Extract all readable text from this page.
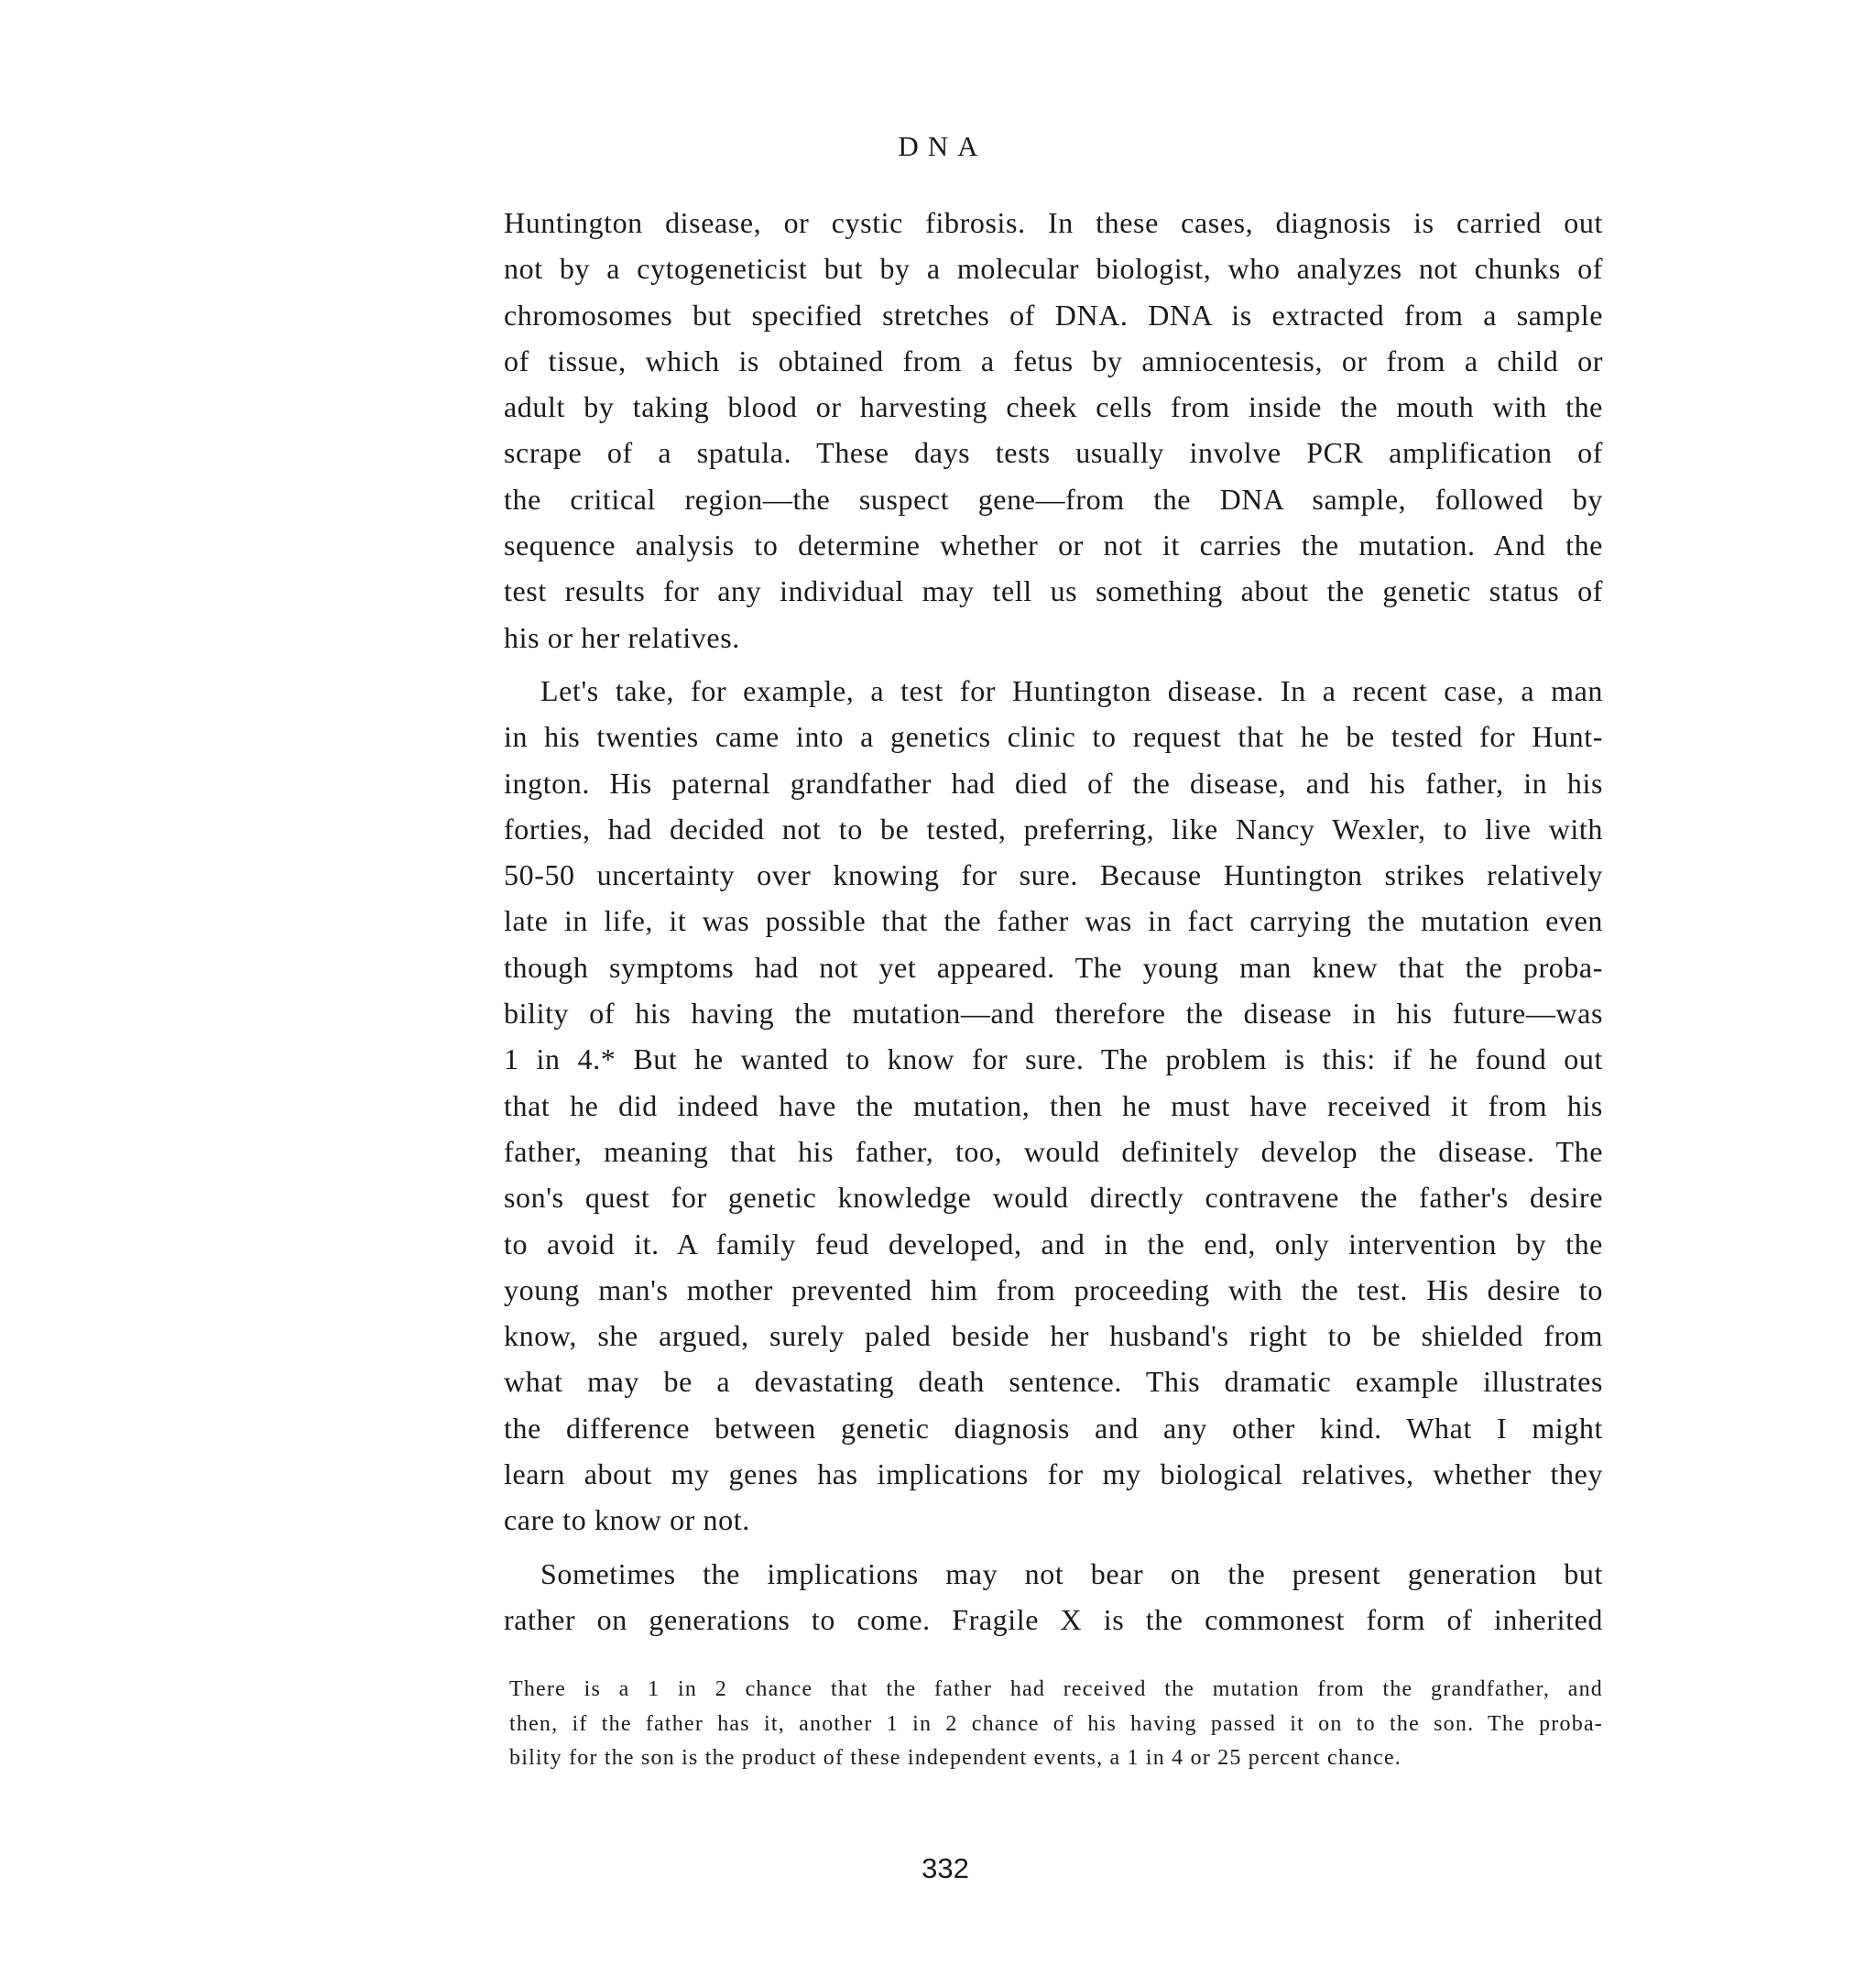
DNA
Huntington disease, or cystic fibrosis. In these cases, diagnosis is carried out
not by a cytogeneticist but by a molecular biologist, who analyzes not chunks of
chromosomes but specified stretches of DNA. DNA is extracted from a sample
of tissue, which is obtained from a fetus by amniocentesis, or from a child or
adult by taking blood or harvesting cheek cells from inside the mouth with the
scrape of a spatula. These days tests usually involve PCR amplification of
the critical region—the suspect gene—from the DNA sample, followed by
sequence analysis to determine whether or not it carries the mutation. And the
test results for any individual may tell us something about the genetic status of
his or her relatives.
Let's take, for example, a test for Huntington disease. In a recent case, a man
in his twenties came into a genetics clinic to request that he be tested for Hunt-
ington. His paternal grandfather had died of the disease, and his father, in his
forties, had decided not to be tested, preferring, like Nancy Wexler, to live with
50-50 uncertainty over knowing for sure. Because Huntington strikes relatively
late in life, it was possible that the father was in fact carrying the mutation even
though symptoms had not yet appeared. The young man knew that the proba-
bility of his having the mutation—and therefore the disease in his future—was
1 in 4.* But he wanted to know for sure. The problem is this: if he found out
that he did indeed have the mutation, then he must have received it from his
father, meaning that his father, too, would definitely develop the disease. The
son's quest for genetic knowledge would directly contravene the father's desire
to avoid it. A family feud developed, and in the end, only intervention by the
young man's mother prevented him from proceeding with the test. His desire to
know, she argued, surely paled beside her husband's right to be shielded from
what may be a devastating death sentence. This dramatic example illustrates
the difference between genetic diagnosis and any other kind. What I might
learn about my genes has implications for my biological relatives, whether they
care to know or not.
Sometimes the implications may not bear on the present generation but
rather on generations to come. Fragile X is the commonest form of inherited
There is a 1 in 2 chance that the father had received the mutation from the grandfather, and
then, if the father has it, another 1 in 2 chance of his having passed it on to the son. The proba-
bility for the son is the product of these independent events, a 1 in 4 or 25 percent chance.
332
